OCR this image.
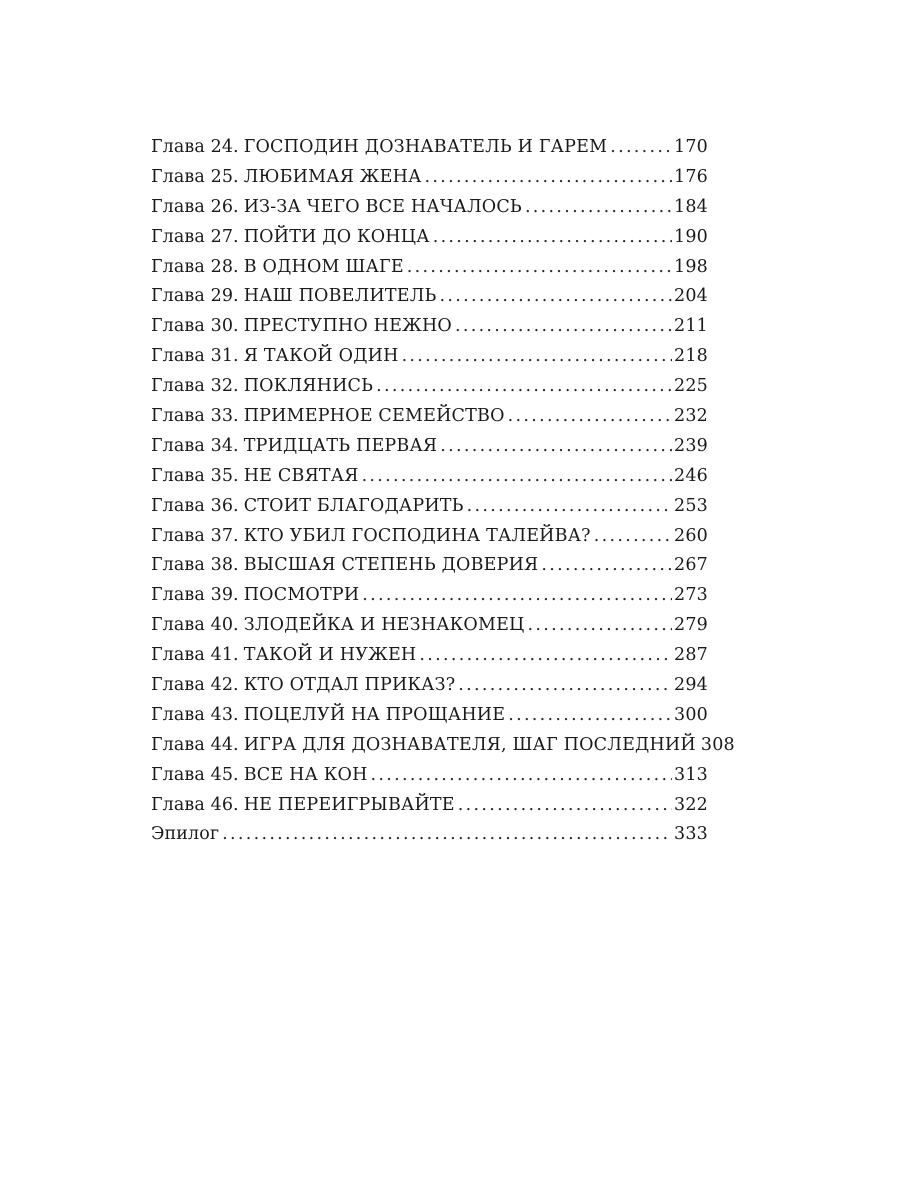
Глава 24. ГОСПОДИН ДОЗНАВАТЕЛЬ И ГАРЕМ .....	170
Глава 25. ЛЮБИМАЯ ЖЕНА .....	176
Глава 26. ИЗ-ЗА ЧЕГО ВСЕ НАЧАЛОСЬ .....	184
Глава 27. ПОЙТИ ДО КОНЦА .....	190
Глава 28. В ОДНОМ ШАГЕ .....	198
Глава 29. НАШ ПОВЕЛИТЕЛЬ .....	204
Глава 30. ПРЕСТУПНО НЕЖНО .....	211
Глава 31. Я ТАКОЙ ОДИН .....	218
Глава 32. ПОКЛЯНИСЬ .....	225
Глава 33. ПРИМЕРНОЕ СЕМЕЙСТВО .....	232
Глава 34. ТРИДЦАТЬ ПЕРВАЯ .....	239
Глава 35. НЕ СВЯТАЯ .....	246
Глава 36. СТОИТ БЛАГОДАРИТЬ .....	253
Глава 37. КТО УБИЛ ГОСПОДИНА ТАЛЕЙВА? .....	260
Глава 38. ВЫСШАЯ СТЕПЕНЬ ДОВЕРИЯ .....	267
Глава 39. ПОСМОТРИ .....	273
Глава 40. ЗЛОДЕЙКА И НЕЗНАКОМЕЦ .....	279
Глава 41. ТАКОЙ И НУЖЕН .....	287
Глава 42. КТО ОТДАЛ ПРИКАЗ? .....	294
Глава 43. ПОЦЕЛУЙ НА ПРОЩАНИЕ .....	300
Глава 44. ИГРА ДЛЯ ДОЗНАВАТЕЛЯ, ШАГ ПОСЛЕДНИЙ 308
Глава 45. ВСЕ НА КОН .....	313
Глава 46. НЕ ПЕРЕИГРЫВАЙТЕ .....	322
Эпилог .....	333
